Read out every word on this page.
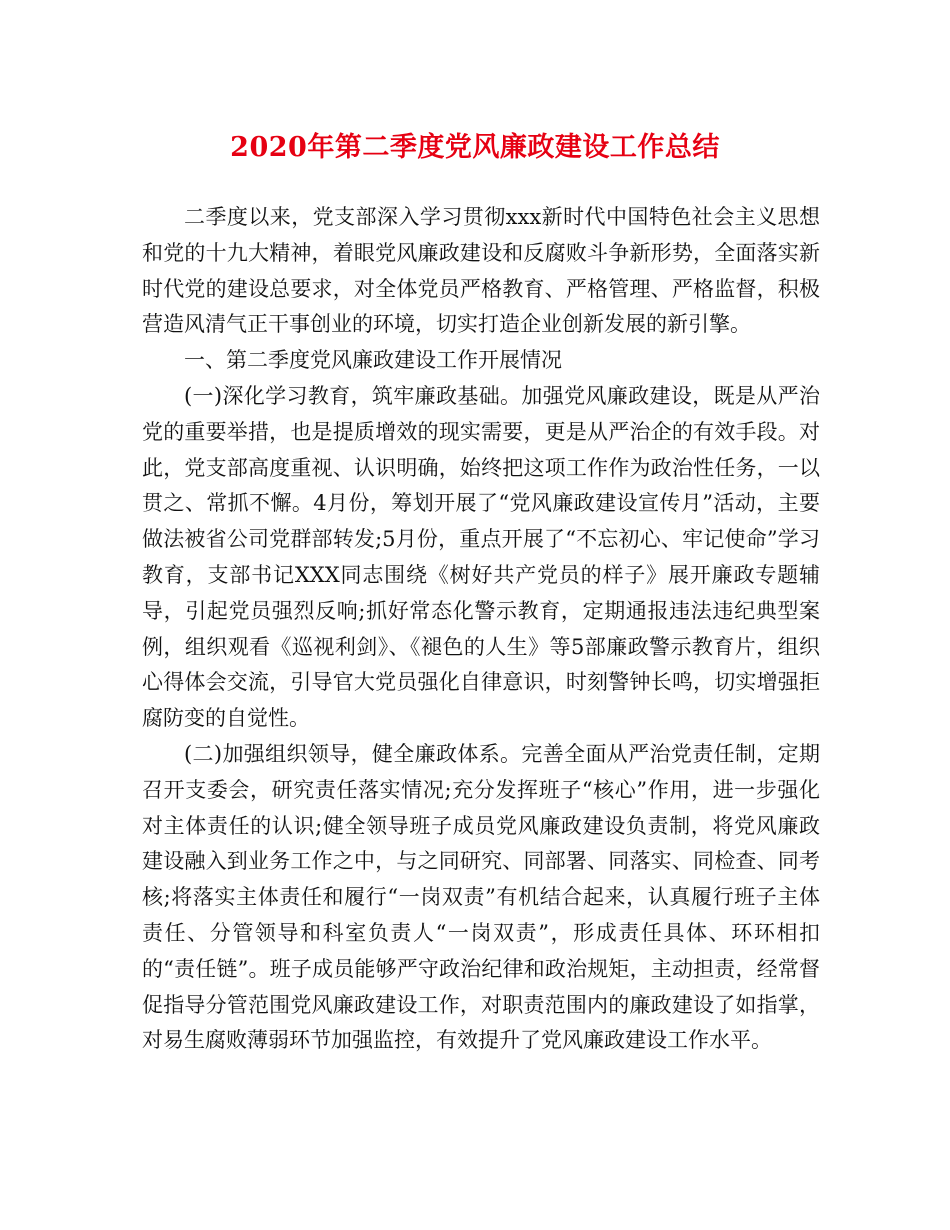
2020年第二季度党风廉政建设工作总结

二季度以来，党支部深入学习贯彻xxx新时代中国特色社会主义思想和党的十九大精神，着眼党风廉政建设和反腐败斗争新形势，全面落实新时代党的建设总要求，对全体党员严格教育、严格管理、严格监督，积极营造风清气正干事创业的环境，切实打造企业创新发展的新引擎。

一、第二季度党风廉政建设工作开展情况

(一)深化学习教育，筑牢廉政基础。加强党风廉政建设，既是从严治党的重要举措，也是提质增效的现实需要，更是从严治企的有效手段。对此，党支部高度重视、认识明确，始终把这项工作作为政治性任务，一以贯之、常抓不懈。4月份，筹划开展了“党风廉政建设宣传月”活动，主要做法被省公司党群部转发;5月份，重点开展了“不忘初心、牢记使命”学习教育，支部书记XXX同志围绕《树好共产党员的样子》展开廉政专题辅导，引起党员强烈反响;抓好常态化警示教育，定期通报违法违纪典型案例，组织观看《巡视利剑》、《褪色的人生》等5部廉政警示教育片，组织心得体会交流，引导官大党员强化自律意识，时刻警钟长鸣，切实增强拒腐防变的自觉性。

(二)加强组织领导，健全廉政体系。完善全面从严治党责任制，定期召开支委会，研究责任落实情况;充分发挥班子“核心”作用，进一步强化对主体责任的认识;健全领导班子成员党风廉政建设负责制，将党风廉政建设融入到业务工作之中，与之同研究、同部署、同落实、同检查、同考核;将落实主体责任和履行“一岗双责”有机结合起来，认真履行班子主体责任、分管领导和科室负责人“一岗双责”，形成责任具体、环环相扣的“责任链”。班子成员能够严守政治纪律和政治规矩，主动担责，经常督促指导分管范围党风廉政建设工作，对职责范围内的廉政建设了如指掌，对易生腐败薄弱环节加强监控，有效提升了党风廉政建设工作水平。
